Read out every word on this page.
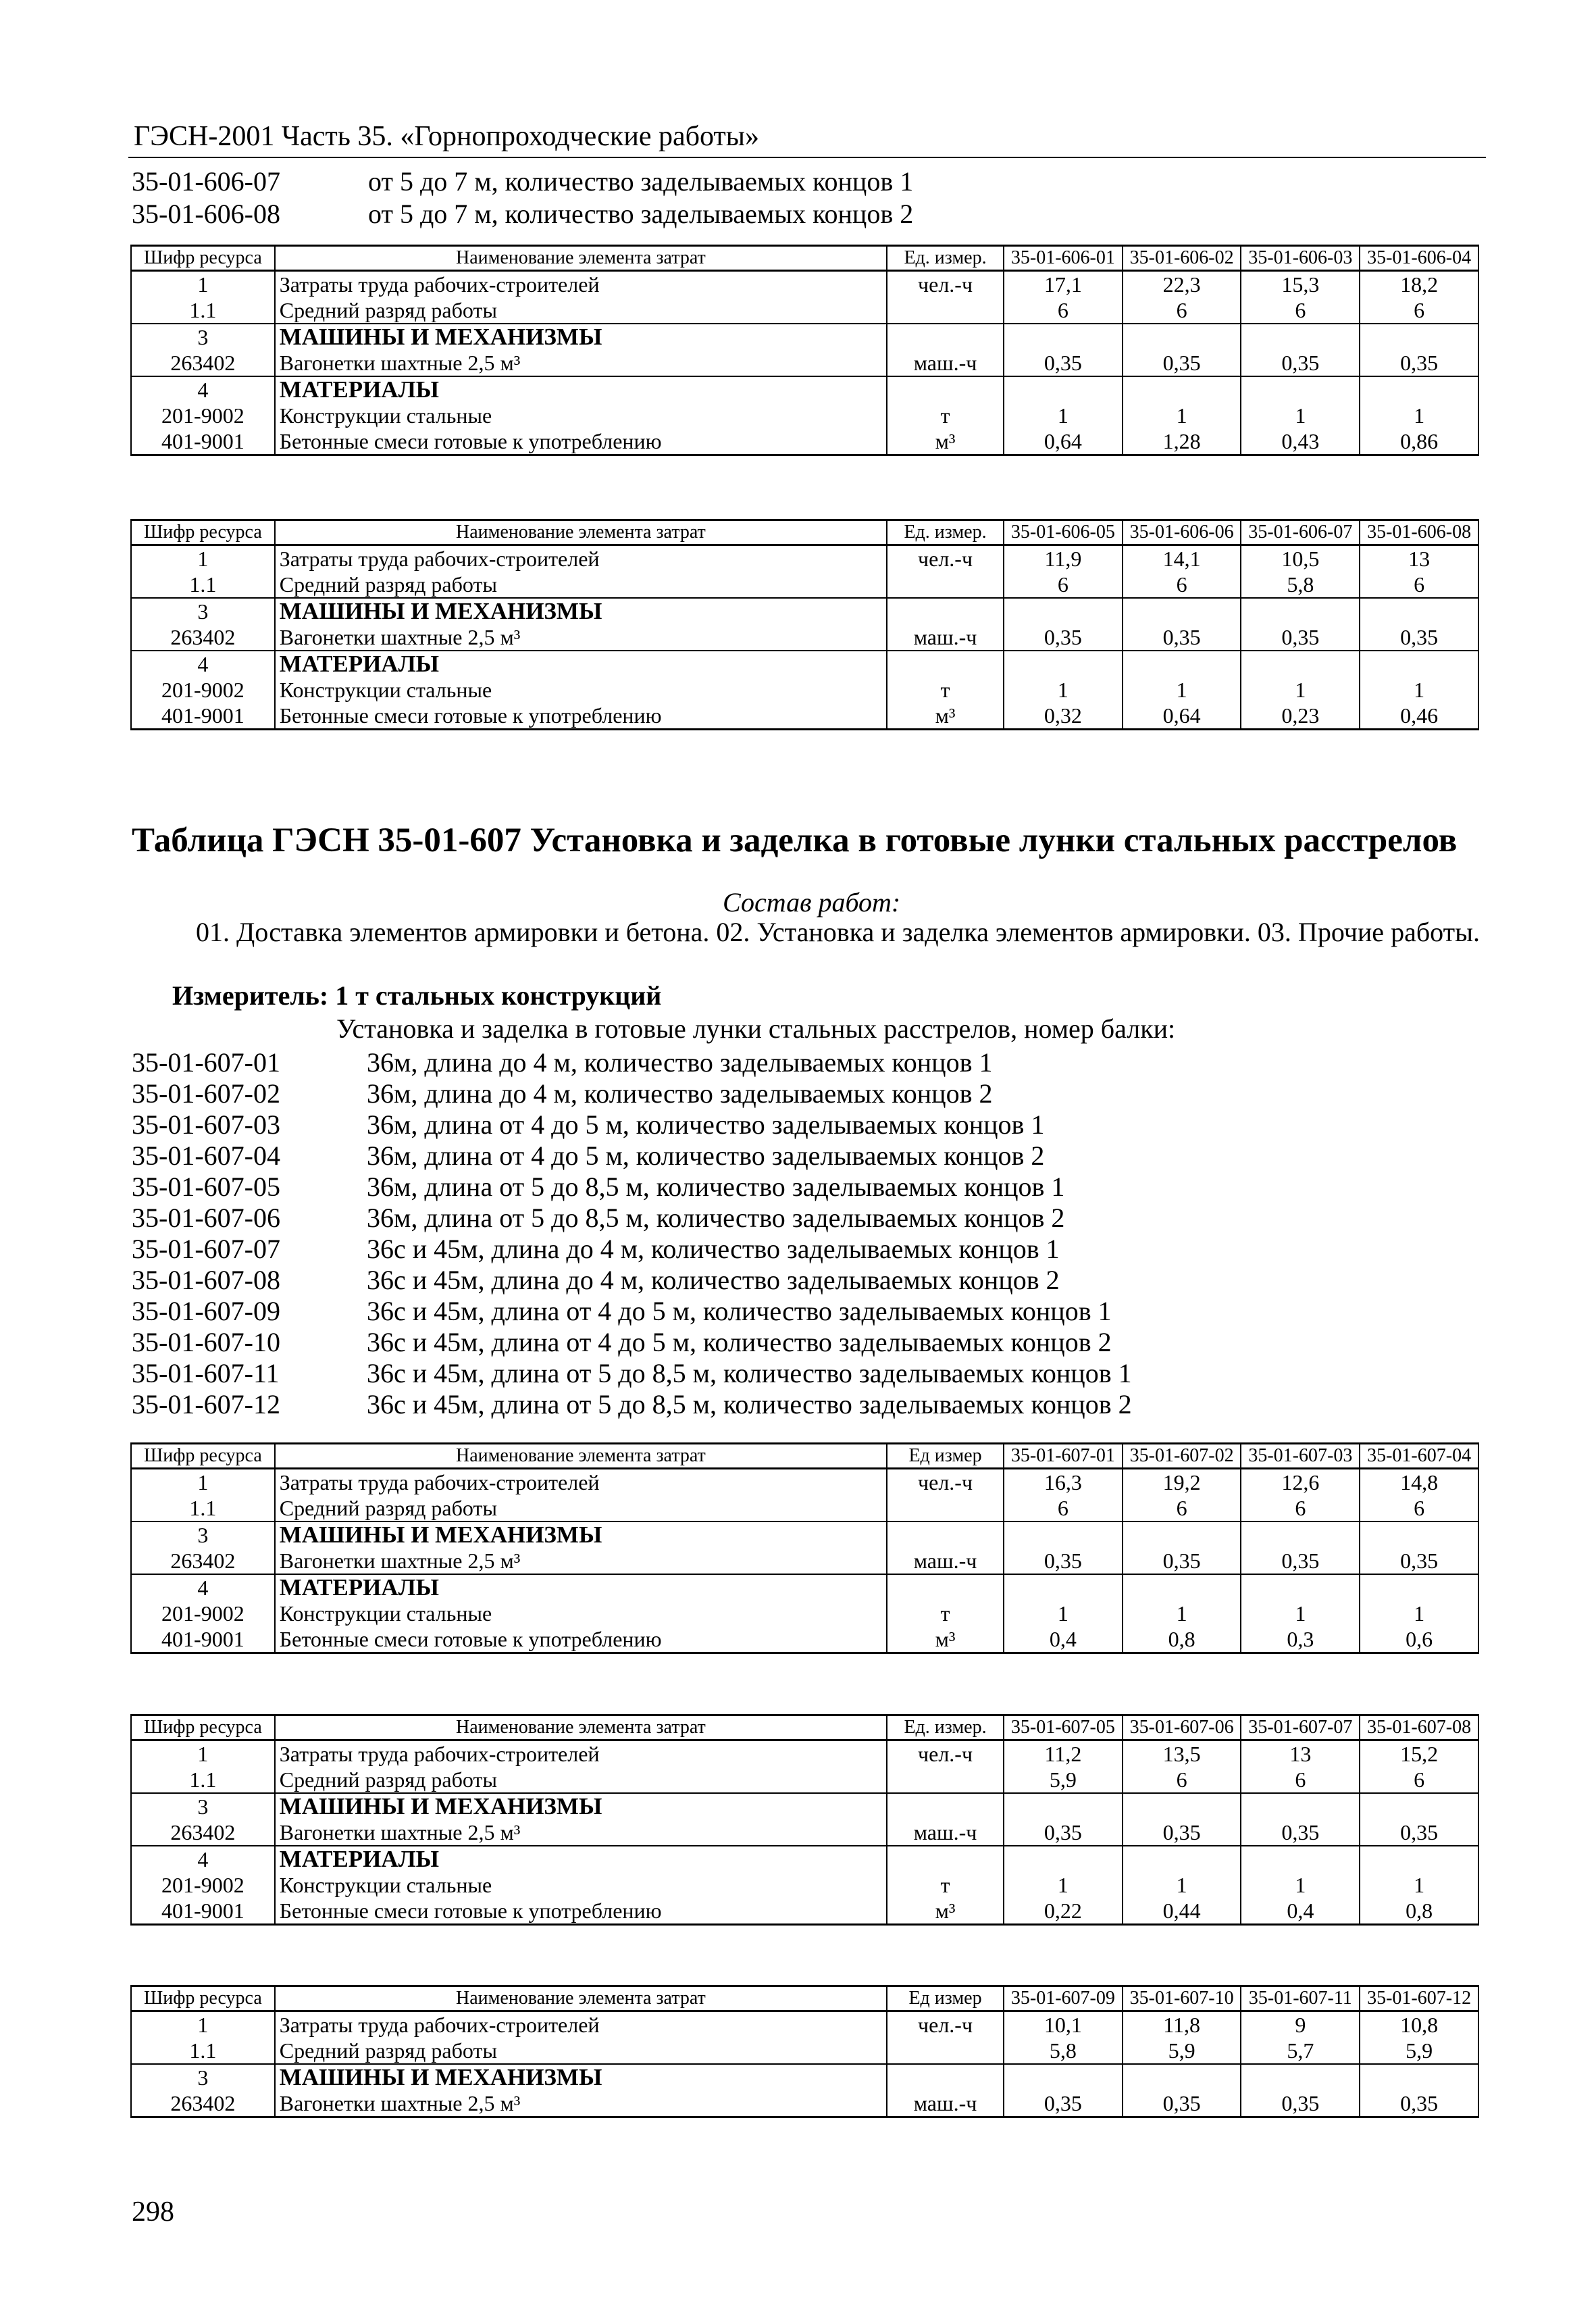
ГЭСН-2001 Часть 35. «Горнопроходческие работы»
35-01-606-07	от 5 до 7 м, количество заделываемых концов 1
35-01-606-08	от 5 до 7 м, количество заделываемых концов 2
Шифр ресурса	Наименование элемента затрат	Ед. измер.	35-01-606-01	35-01-606-02	35-01-606-03	35-01-606-04
1	Затраты труда рабочих-строителей	чел.-ч	17,1	22,3	15,3	18,2
1.1	Средний разряд работы		6	6	6	6
3	МАШИНЫ И МЕХАНИЗМЫ					
263402	Вагонетки шахтные 2,5 м³	маш.-ч	0,35	0,35	0,35	0,35
4	МАТЕРИАЛЫ					
201-9002	Конструкции стальные	т	1	1	1	1
401-9001	Бетонные смеси готовые к употреблению	м³	0,64	1,28	0,43	0,86
Шифр ресурса	Наименование элемента затрат	Ед. измер.	35-01-606-05	35-01-606-06	35-01-606-07	35-01-606-08
1	Затраты труда рабочих-строителей	чел.-ч	11,9	14,1	10,5	13
1.1	Средний разряд работы		6	6	5,8	6
3	МАШИНЫ И МЕХАНИЗМЫ					
263402	Вагонетки шахтные 2,5 м³	маш.-ч	0,35	0,35	0,35	0,35
4	МАТЕРИАЛЫ					
201-9002	Конструкции стальные	т	1	1	1	1
401-9001	Бетонные смеси готовые к употреблению	м³	0,32	0,64	0,23	0,46
Таблица ГЭСН 35-01-607 Установка и заделка в готовые лунки стальных расстрелов
Состав работ:
01. Доставка элементов армировки и бетона. 02. Установка и заделка элементов армировки. 03. Прочие работы.
Измеритель: 1 т стальных конструкций
Установка и заделка в готовые лунки стальных расстрелов, номер балки:
35-01-607-01	36м, длина до 4 м, количество заделываемых концов 1
35-01-607-02	36м, длина до 4 м, количество заделываемых концов 2
35-01-607-03	36м, длина от 4 до 5 м, количество заделываемых концов 1
35-01-607-04	36м, длина от 4 до 5 м, количество заделываемых концов 2
35-01-607-05	36м, длина от 5 до 8,5 м, количество заделываемых концов 1
35-01-607-06	36м, длина от 5 до 8,5 м, количество заделываемых концов 2
35-01-607-07	36с и 45м, длина до 4 м, количество заделываемых концов 1
35-01-607-08	36с и 45м, длина до 4 м, количество заделываемых концов 2
35-01-607-09	36с и 45м, длина от 4 до 5 м, количество заделываемых концов 1
35-01-607-10	36с и 45м, длина от 4 до 5 м, количество заделываемых концов 2
35-01-607-11	36с и 45м, длина от 5 до 8,5 м, количество заделываемых концов 1
35-01-607-12	36с и 45м, длина от 5 до 8,5 м, количество заделываемых концов 2
Шифр ресурса	Наименование элемента затрат	Ед измер	35-01-607-01	35-01-607-02	35-01-607-03	35-01-607-04
1	Затраты труда рабочих-строителей	чел.-ч	16,3	19,2	12,6	14,8
1.1	Средний разряд работы		6	6	6	6
3	МАШИНЫ И МЕХАНИЗМЫ					
263402	Вагонетки шахтные 2,5 м³	маш.-ч	0,35	0,35	0,35	0,35
4	МАТЕРИАЛЫ					
201-9002	Конструкции стальные	т	1	1	1	1
401-9001	Бетонные смеси готовые к употреблению	м³	0,4	0,8	0,3	0,6
Шифр ресурса	Наименование элемента затрат	Ед. измер.	35-01-607-05	35-01-607-06	35-01-607-07	35-01-607-08
1	Затраты труда рабочих-строителей	чел.-ч	11,2	13,5	13	15,2
1.1	Средний разряд работы		5,9	6	6	6
3	МАШИНЫ И МЕХАНИЗМЫ					
263402	Вагонетки шахтные 2,5 м³	маш.-ч	0,35	0,35	0,35	0,35
4	МАТЕРИАЛЫ					
201-9002	Конструкции стальные	т	1	1	1	1
401-9001	Бетонные смеси готовые к употреблению	м³	0,22	0,44	0,4	0,8
Шифр ресурса	Наименование элемента затрат	Ед измер	35-01-607-09	35-01-607-10	35-01-607-11	35-01-607-12
1	Затраты труда рабочих-строителей	чел.-ч	10,1	11,8	9	10,8
1.1	Средний разряд работы		5,8	5,9	5,7	5,9
3	МАШИНЫ И МЕХАНИЗМЫ					
263402	Вагонетки шахтные 2,5 м³	маш.-ч	0,35	0,35	0,35	0,35
298
